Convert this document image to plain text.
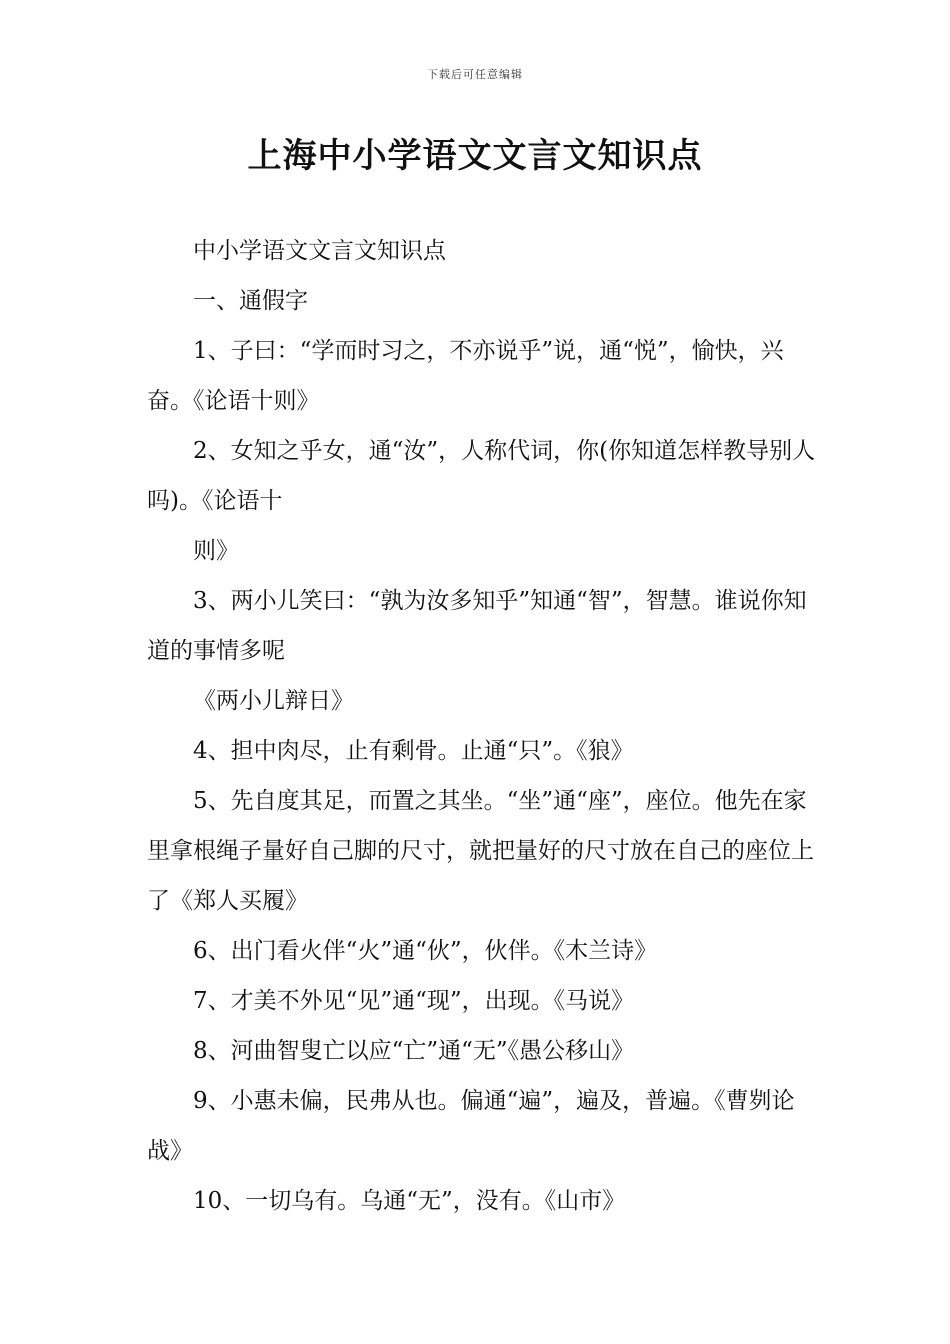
下载后可任意编辑
上海中小学语文文言文知识点

中小学语文文言文知识点

一、通假字

1、子曰：“学而时习之，不亦说乎”说，通“悦”，愉快，兴奋。《论语十则》

2、女知之乎女，通“汝”，人称代词，你(你知道怎样教导别人吗)。《论语十

则》

3、两小儿笑曰：“孰为汝多知乎”知通“智”，智慧。谁说你知道的事情多呢

《两小儿辩日》

4、担中肉尽，止有剩骨。止通“只”。《狼》

5、先自度其足，而置之其坐。“坐”通“座”，座位。他先在家里拿根绳子量好自己脚的尺寸，就把量好的尺寸放在自己的座位上了《郑人买履》

6、出门看火伴“火”通“伙”，伙伴。《木兰诗》

7、才美不外见“见”通“现”，出现。《马说》

8、河曲智叟亡以应“亡”通“无”《愚公移山》

9、小惠未偏，民弗从也。偏通“遍”，遍及，普遍。《曹刿论战》

10、一切乌有。乌通“无”，没有。《山市》
